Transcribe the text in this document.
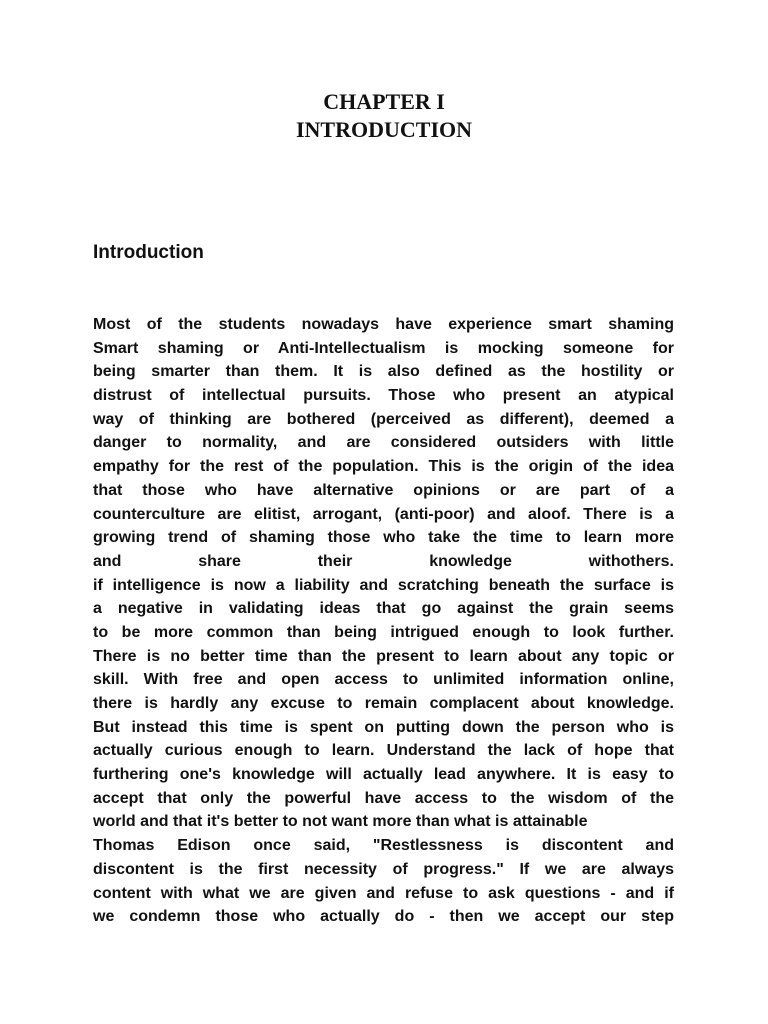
CHAPTER I
INTRODUCTION
Introduction
Most of the students nowadays have experience smart shaming
Smart shaming or Anti-Intellectualism is mocking someone for
being smarter than them. It is also defined as the hostility or
distrust of intellectual pursuits. Those who present an atypical
way of thinking are bothered (perceived as different), deemed a
danger to normality, and are considered outsiders with little
empathy for the rest of the population. This is the origin of the idea
that those who have alternative opinions or are part of a
counterculture are elitist, arrogant, (anti-poor) and aloof. There is a
growing trend of shaming those who take the time to learn more
and share their knowledge withothers.
if intelligence is now a liability and scratching beneath the surface is
a negative in validating ideas that go against the grain seems
to be more common than being intrigued enough to look further.
There is no better time than the present to learn about any topic or
skill. With free and open access to unlimited information online,
there is hardly any excuse to remain complacent about knowledge.
But instead this time is spent on putting down the person who is
actually curious enough to learn. Understand the lack of hope that
furthering one's knowledge will actually lead anywhere. It is easy to
accept that only the powerful have access to the wisdom of the
world and that it's better to not want more than what is attainable
Thomas Edison once said, "Restlessness is discontent and
discontent is the first necessity of progress." If we are always
content with what we are given and refuse to ask questions - and if
we condemn those who actually do - then we accept our step
